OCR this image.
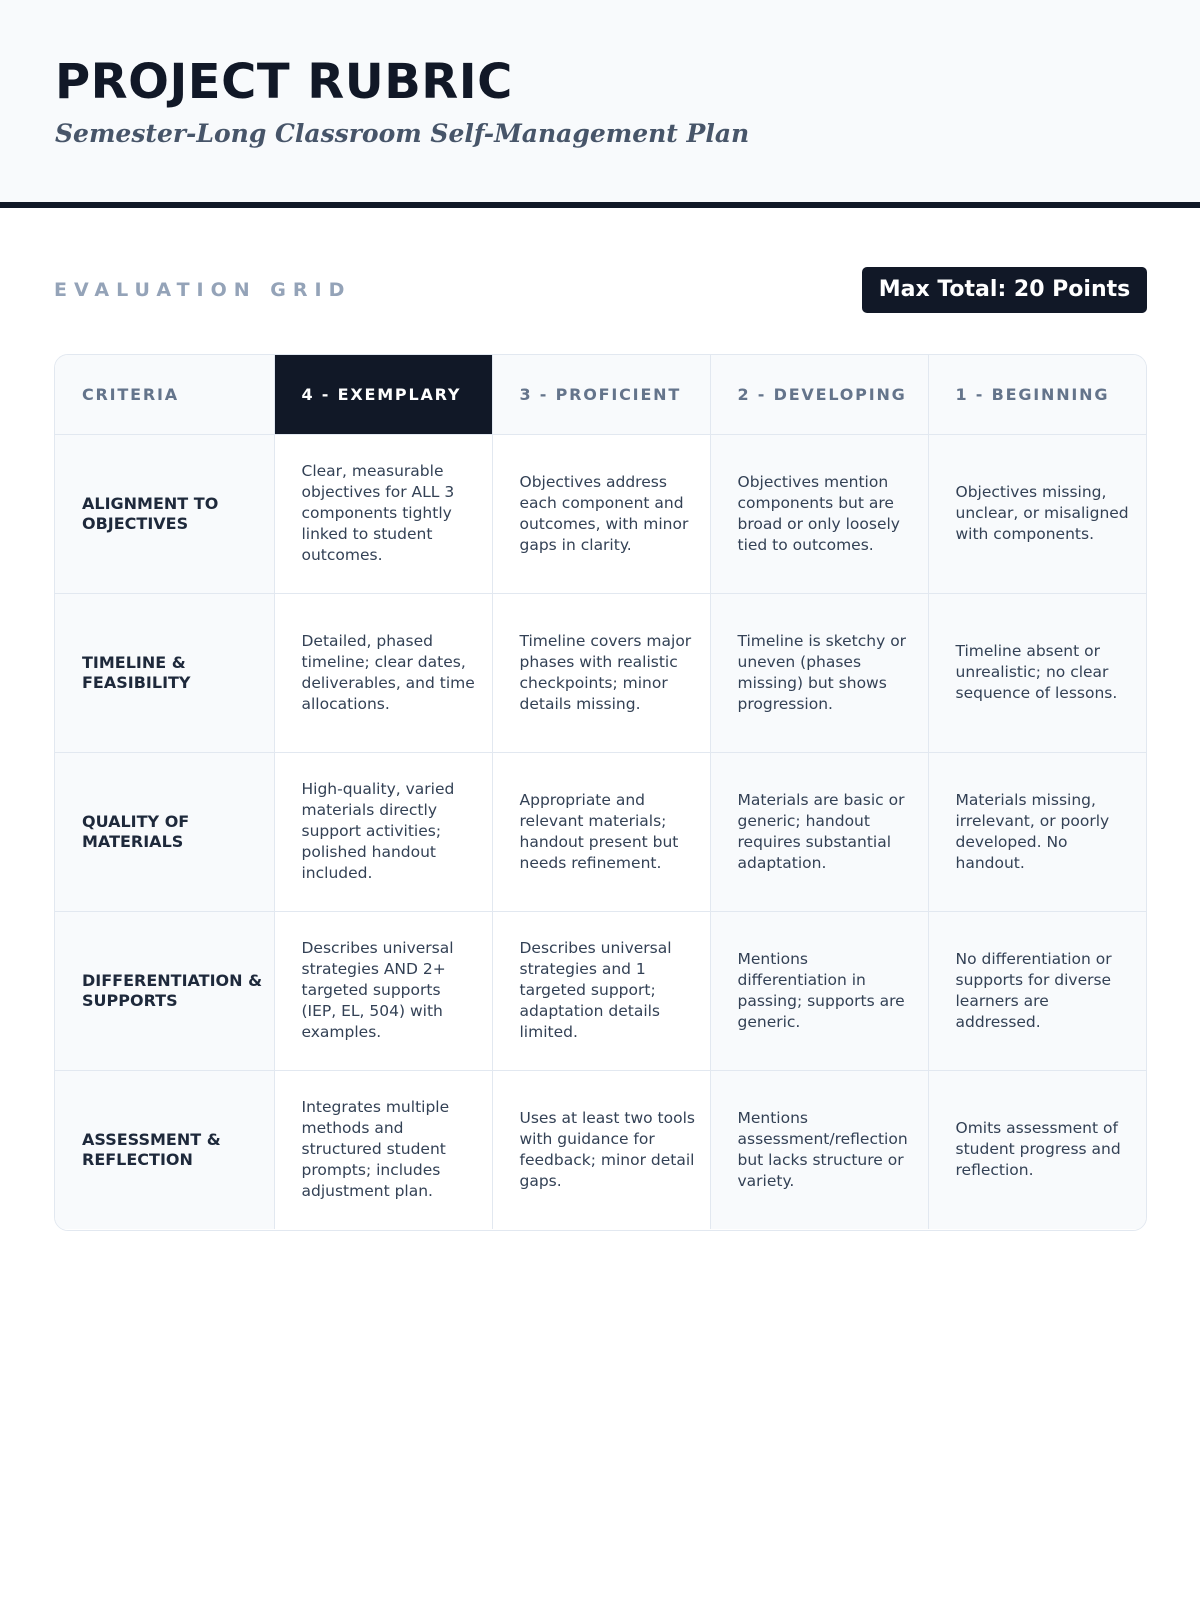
PROJECT RUBRIC
Semester-Long Classroom Self-Management Plan
EVALUATION GRID	Max Total: 20 Points
CRITERIA	4 - EXEMPLARY	3 - PROFICIENT	2 - DEVELOPING	1 - BEGINNING
ALIGNMENT TO OBJECTIVES	Clear, measurable objectives for ALL 3 components tightly linked to student outcomes.	Objectives address each component and outcomes, with minor gaps in clarity.	Objectives mention components but are broad or only loosely tied to outcomes.	Objectives missing, unclear, or misaligned with components.
TIMELINE & FEASIBILITY	Detailed, phased timeline; clear dates, deliverables, and time allocations.	Timeline covers major phases with realistic checkpoints; minor details missing.	Timeline is sketchy or uneven (phases missing) but shows progression.	Timeline absent or unrealistic; no clear sequence of lessons.
QUALITY OF MATERIALS	High-quality, varied materials directly support activities; polished handout included.	Appropriate and relevant materials; handout present but needs refinement.	Materials are basic or generic; handout requires substantial adaptation.	Materials missing, irrelevant, or poorly developed. No handout.
DIFFERENTIATION & SUPPORTS	Describes universal strategies AND 2+ targeted supports (IEP, EL, 504) with examples.	Describes universal strategies and 1 targeted support; adaptation details limited.	Mentions differentiation in passing; supports are generic.	No differentiation or supports for diverse learners are addressed.
ASSESSMENT & REFLECTION	Integrates multiple methods and structured student prompts; includes adjustment plan.	Uses at least two tools with guidance for feedback; minor detail gaps.	Mentions assessment/reflection but lacks structure or variety.	Omits assessment of student progress and reflection.
